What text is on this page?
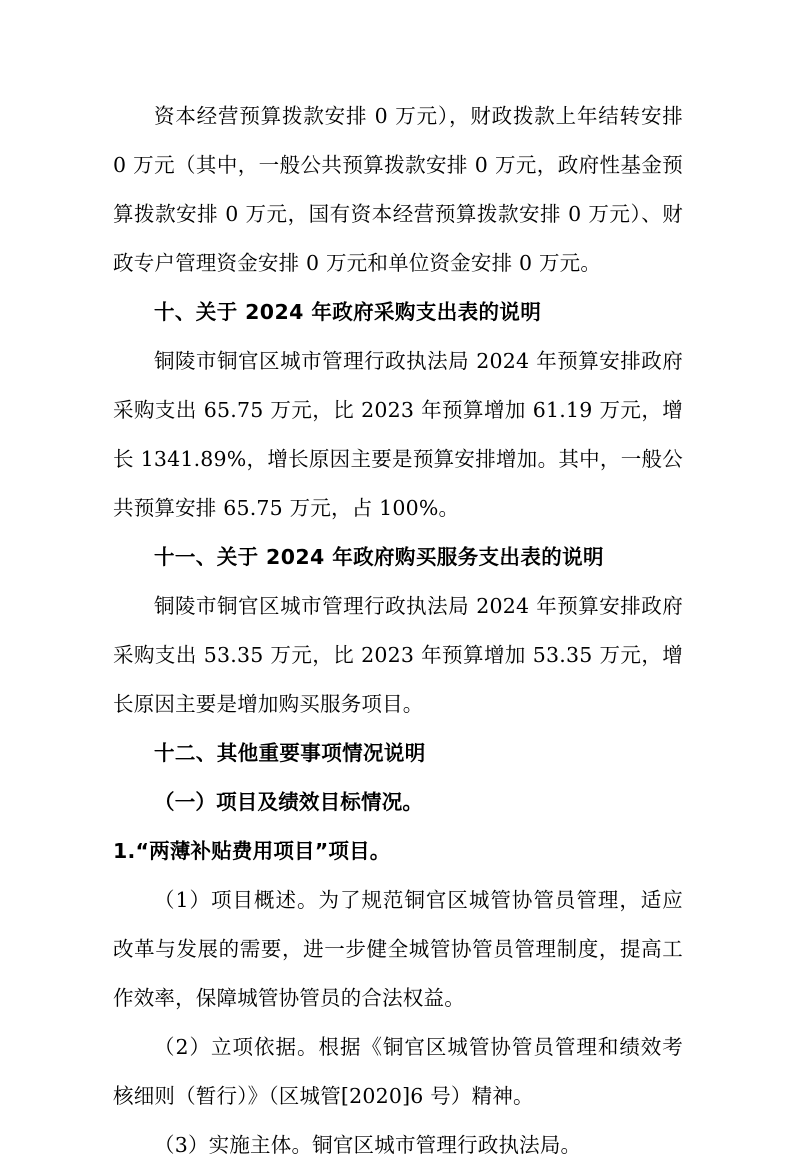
资本经营预算拨款安排 0 万元），财政拨款上年结转安排 0 万元（其中，一般公共预算拨款安排 0 万元，政府性基金预算拨款安排 0 万元，国有资本经营预算拨款安排 0 万元）、财政专户管理资金安排 0 万元和单位资金安排 0 万元。

十、关于 2024 年政府采购支出表的说明

铜陵市铜官区城市管理行政执法局 2024 年预算安排政府采购支出 65.75 万元，比 2023 年预算增加 61.19 万元，增长 1341.89%，增长原因主要是预算安排增加。其中，一般公共预算安排 65.75 万元，占 100%。

十一、关于 2024 年政府购买服务支出表的说明

铜陵市铜官区城市管理行政执法局 2024 年预算安排政府采购支出 53.35 万元，比 2023 年预算增加 53.35 万元，增长原因主要是增加购买服务项目。

十二、其他重要事项情况说明

（一）项目及绩效目标情况。

1.“两薄补贴费用项目”项目。

（1）项目概述。为了规范铜官区城管协管员管理，适应改革与发展的需要，进一步健全城管协管员管理制度，提高工作效率，保障城管协管员的合法权益。

（2）立项依据。根据《铜官区城管协管员管理和绩效考核细则（暂行）》（区城管[2020]6 号）精神。

（3）实施主体。铜官区城市管理行政执法局。
